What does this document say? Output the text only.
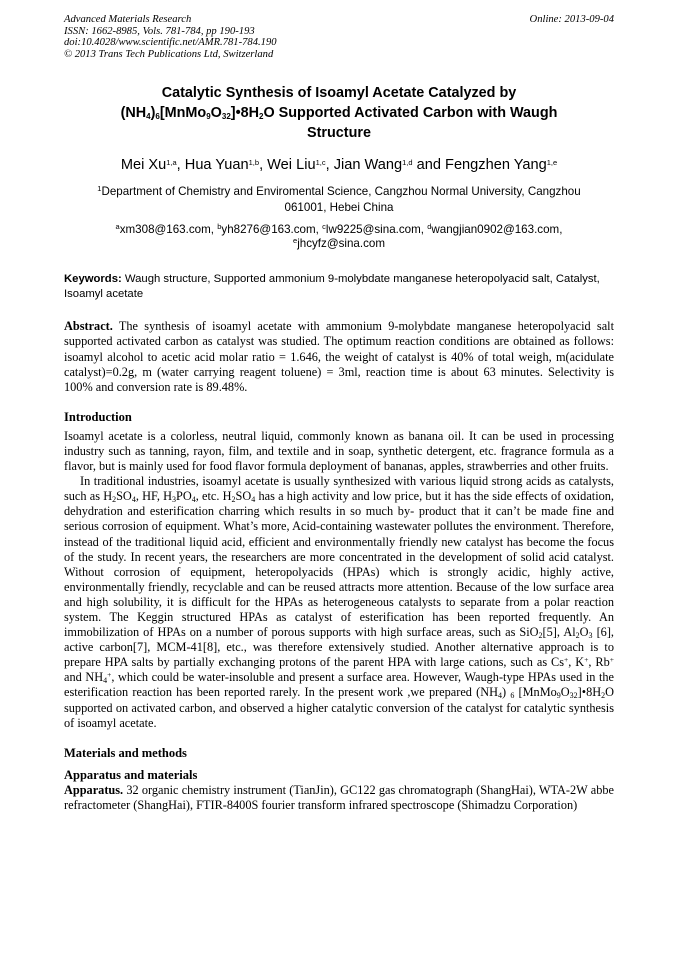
Advanced Materials Research
ISSN: 1662-8985, Vols. 781-784, pp 190-193
doi:10.4028/www.scientific.net/AMR.781-784.190
© 2013 Trans Tech Publications Ltd, Switzerland
Online: 2013-09-04
Catalytic Synthesis of Isoamyl Acetate Catalyzed by
$(NH_4)_6[MnMo_9O_{32}]•8H_2O$ Supported Activated Carbon with Waugh
Structure
Mei Xu$^{1,a}$, Hua Yuan$^{1,b}$, Wei Liu$^{1,c}$, Jian Wang$^{1,d}$ and Fengzhen Yang$^{1,e}$
$^1$Department of Chemistry and Enviromental Science, Cangzhou Normal University, Cangzhou
061001, Hebei China
$^a$xm308@163.com, $^b$yh8276@163.com, $^c$lw9225@sina.com, $^d$wangjian0902@163.com,
$^e$jhcyfz@sina.com
Keywords: Waugh structure, Supported ammonium 9-molybdate manganese heteropolyacid salt, Catalyst, Isoamyl acetate
Abstract. The synthesis of isoamyl acetate with ammonium 9-molybdate manganese heteropolyacid salt supported activated carbon as catalyst was studied. The optimum reaction conditions are obtained as follows: isoamyl alcohol to acetic acid molar ratio = 1.646, the weight of catalyst is 40% of total weigh, m(acidulate catalyst)=0.2g, m (water carrying reagent toluene) = 3ml, reaction time is about 63 minutes. Selectivity is 100% and conversion rate is 89.48%.
Introduction
Isoamyl acetate is a colorless, neutral liquid, commonly known as banana oil. It can be used in processing industry such as tanning, rayon, film, and textile and in soap, synthetic detergent, etc. fragrance formula as a flavor, but is mainly used for food flavor formula deployment of bananas, apples, strawberries and other fruits.
In traditional industries, isoamyl acetate is usually synthesized with various liquid strong acids as catalysts, such as $H_2SO_4$, HF, $H_3PO_4$, etc. $H_2SO_4$ has a high activity and low price, but it has the side effects of oxidation, dehydration and esterification charring which results in so much by- product that it can’t be made fine and serious corrosion of equipment. What’s more, Acid-containing wastewater pollutes the environment. Therefore, instead of the traditional liquid acid, efficient and environmentally friendly new catalyst has become the focus of the study. In recent years, the researchers are more concentrated in the development of solid acid catalyst. Without corrosion of equipment, heteropolyacids (HPAs) which is strongly acidic, highly active, environmentally friendly, recyclable and can be reused attracts more attention. Because of the low surface area and high solubility, it is difficult for the HPAs as heterogeneous catalysts to separate from a polar reaction system. The Keggin structured HPAs as catalyst of esterification has been reported frequently. An immobilization of HPAs on a number of porous supports with high surface areas, such as SiO$_2$[5], $Al_2O_3$ [6], active carbon[7], MCM-41[8], etc., was therefore extensively studied. Another alternative approach is to prepare HPA salts by partially exchanging protons of the parent HPA with large cations, such as Cs+, K+, Rb+ and $NH_4^+$, which could be water-insoluble and present a surface area. However, Waugh-type HPAs used in the esterification reaction has been reported rarely. In the present work ,we prepared $(NH_4)$ $_6$ $[MnMo_9O_{32}]•8H_2O$ supported on activated carbon, and observed a higher catalytic conversion of the catalyst for catalytic synthesis of isoamyl acetate.
Materials and methods
Apparatus and materials
Apparatus. 32 organic chemistry instrument (TianJin), GC122 gas chromatograph (ShangHai), WTA-2W abbe refractometer (ShangHai), FTIR-8400S fourier transform infrared spectroscope (Shimadzu Corporation)
